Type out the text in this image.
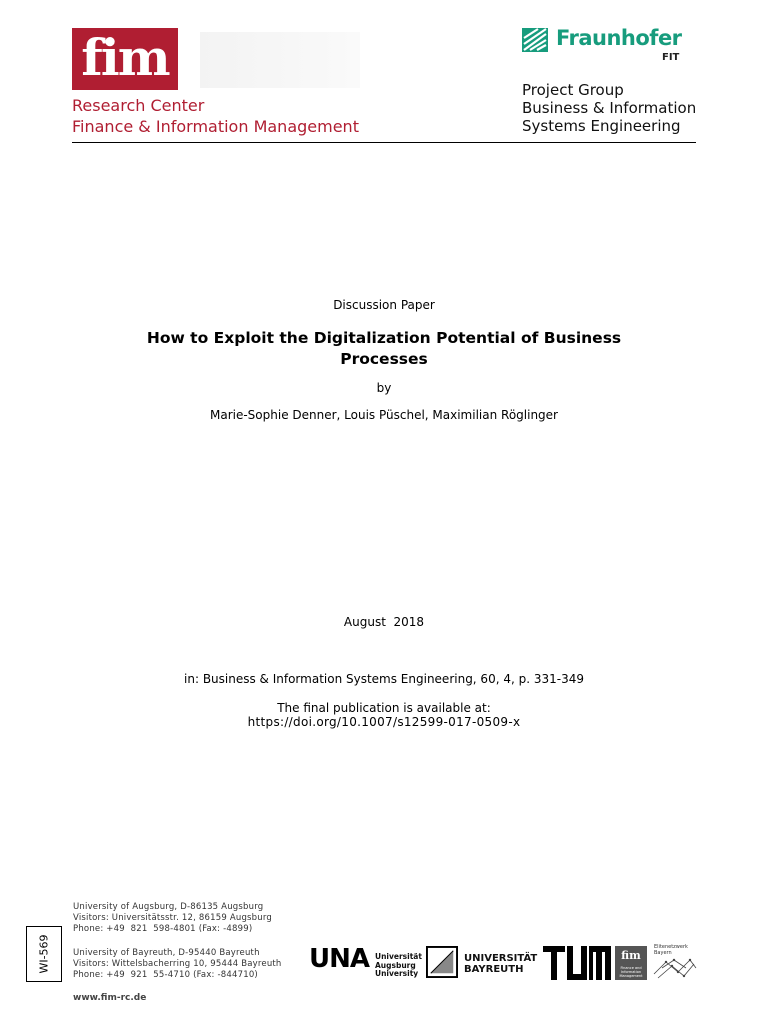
fim
Research Center
Finance & Information Management
Fraunhofer
FIT
Project Group
Business & Information
Systems Engineering
Discussion Paper
How to Exploit the Digitalization Potential of Business
Processes
by
Marie-Sophie Denner, Louis Püschel, Maximilian Röglinger
August  2018
in: Business & Information Systems Engineering, 60, 4, p. 331-349
The final publication is available at:
https://doi.org/10.1007/s12599-017-0509-x
WI-569
University of Augsburg, D-86135 Augsburg
Visitors: Universitätsstr. 12, 86159 Augsburg
Phone: +49  821  598-4801 (Fax: -4899)
University of Bayreuth, D-95440 Bayreuth
Visitors: Wittelsbacherring 10, 95444 Bayreuth
Phone: +49  921  55-4710 (Fax: -844710)
www.fim-rc.de
UNA Universität
Augsburg
University
UNIVERSITÄT
BAYREUTH
fim
Finance and Information Management
Elitenetzwerk Bayern
